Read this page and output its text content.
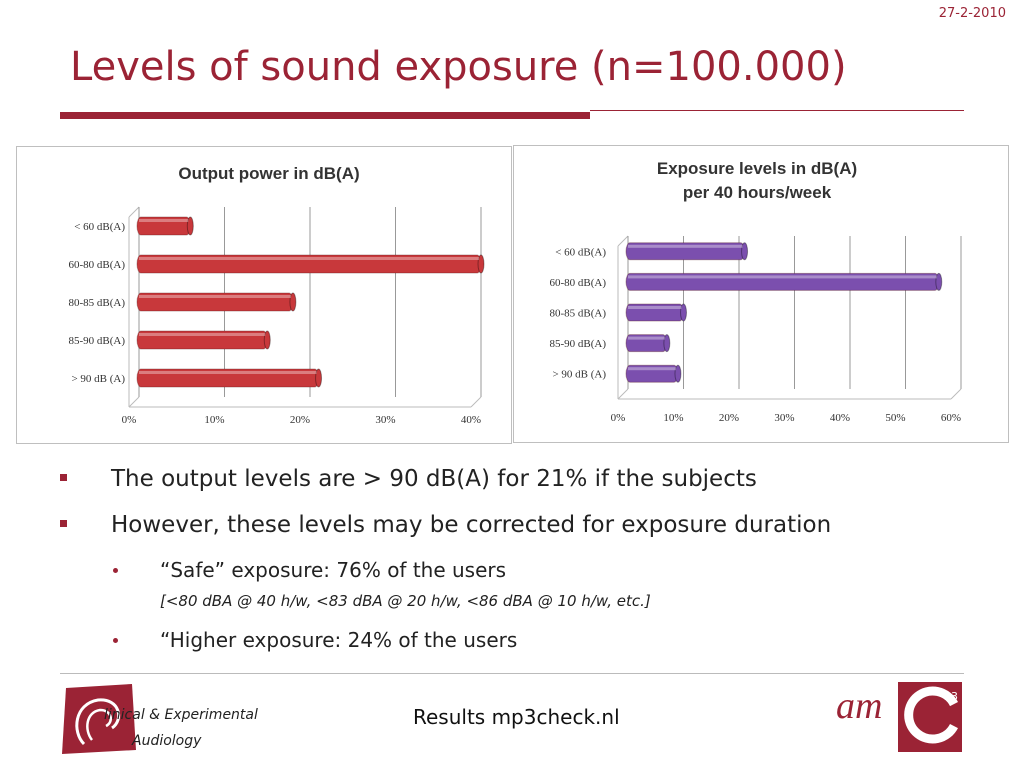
27-2-2010
Levels of sound exposure (n=100.000)
Output power in dB(A)
0%	10%	20%	30%	40%
< 60 dB(A)
60-80 dB(A)
80-85 dB(A)
85-90 dB(A)
> 90 dB (A)
Exposure levels in dB(A)
per 40 hours/week
0%	10%	20%	30%	40%	50%	60%
< 60 dB(A)
60-80 dB(A)
80-85 dB(A)
85-90 dB(A)
> 90 dB (A)
The output levels are > 90 dB(A) for 21% if the subjects
However, these levels may be corrected for exposure duration
“Safe” exposure: 76% of the users
[<80 dBA @ 40 h/w, <83 dBA @ 20 h/w, <86 dBA @ 10 h/w, etc.]
“Higher exposure: 24% of the users
linical & Experimental
Audiology
Results mp3check.nl	am	23
